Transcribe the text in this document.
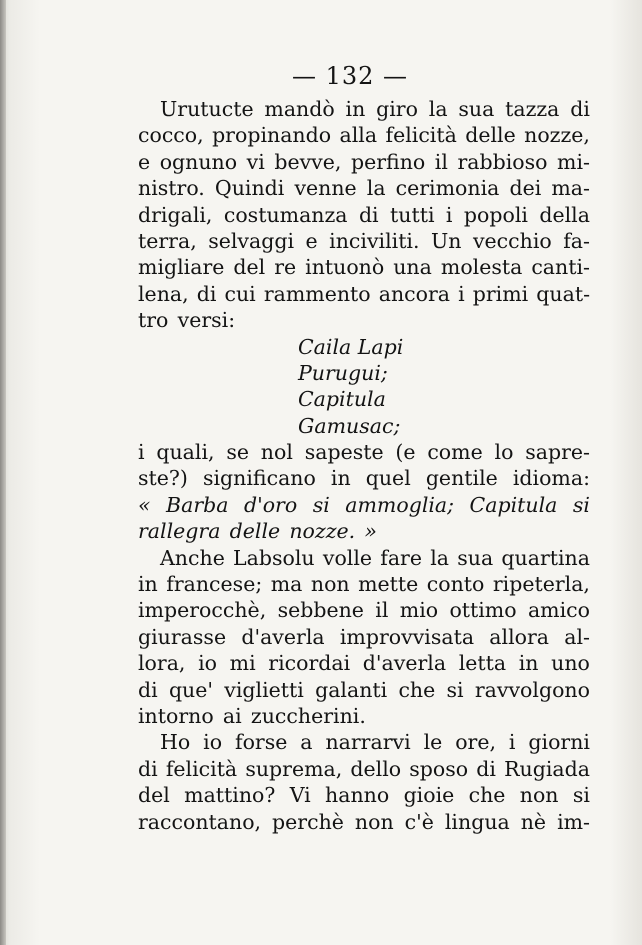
— 132 —
Urutucte mandò in giro la sua tazza di
cocco, propinando alla felicità delle nozze,
e ognuno vi bevve, perfino il rabbioso mi-
nistro. Quindi venne la cerimonia dei ma-
drigali, costumanza di tutti i popoli della
terra, selvaggi e inciviliti. Un vecchio fa-
migliare del re intuonò una molesta canti-
lena, di cui rammento ancora i primi quat-
tro versi:
Caila Lapi
Purugui;
Capitula
Gamusac;
i quali, se nol sapeste (e come lo sapre-
ste?) significano in quel gentile idioma:
« Barba d'oro si ammoglia; Capitula si
rallegra delle nozze. »
Anche Labsolu volle fare la sua quartina
in francese; ma non mette conto ripeterla,
imperocchè, sebbene il mio ottimo amico
giurasse d'averla improvvisata allora al-
lora, io mi ricordai d'averla letta in uno
di que' viglietti galanti che si ravvolgono
intorno ai zuccherini.
Ho io forse a narrarvi le ore, i giorni
di felicità suprema, dello sposo di Rugiada
del mattino? Vi hanno gioie che non si
raccontano, perchè non c'è lingua nè im-
